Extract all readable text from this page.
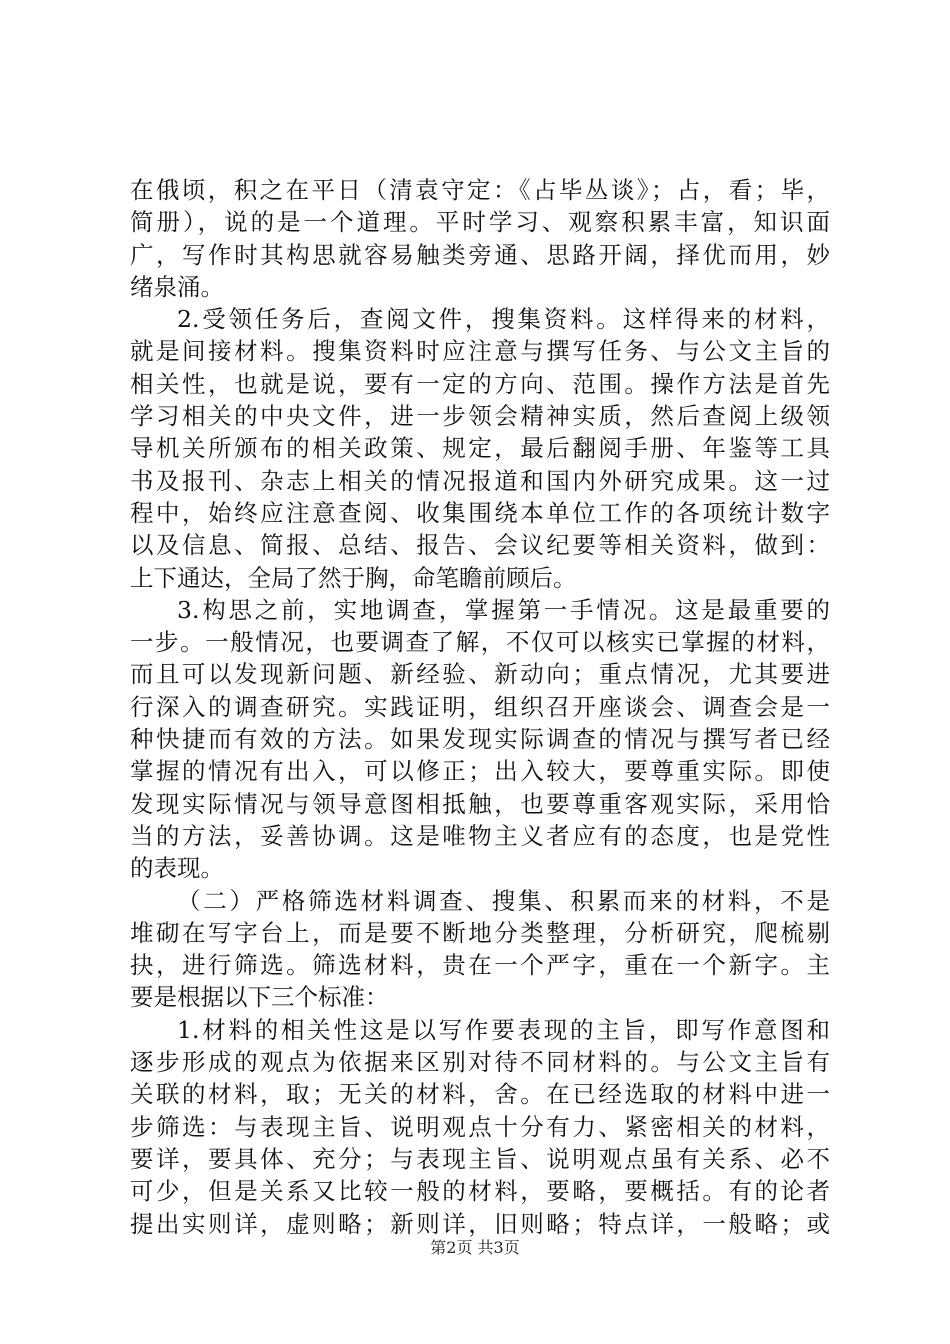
在俄顷，积之在平日（清袁守定：《占毕丛谈》；占，看；毕，
简册），说的是一个道理。平时学习、观察积累丰富，知识面
广，写作时其构思就容易触类旁通、思路开阔，择优而用，妙
绪泉涌。
2.受领任务后，查阅文件，搜集资料。这样得来的材料，
就是间接材料。搜集资料时应注意与撰写任务、与公文主旨的
相关性，也就是说，要有一定的方向、范围。操作方法是首先
学习相关的中央文件，进一步领会精神实质，然后查阅上级领
导机关所颁布的相关政策、规定，最后翻阅手册、年鉴等工具
书及报刊、杂志上相关的情况报道和国内外研究成果。这一过
程中，始终应注意查阅、收集围绕本单位工作的各项统计数字
以及信息、简报、总结、报告、会议纪要等相关资料，做到：
上下通达，全局了然于胸，命笔瞻前顾后。
3.构思之前，实地调查，掌握第一手情况。这是最重要的
一步。一般情况，也要调查了解，不仅可以核实已掌握的材料，
而且可以发现新问题、新经验、新动向；重点情况，尤其要进
行深入的调查研究。实践证明，组织召开座谈会、调查会是一
种快捷而有效的方法。如果发现实际调查的情况与撰写者已经
掌握的情况有出入，可以修正；出入较大，要尊重实际。即使
发现实际情况与领导意图相抵触，也要尊重客观实际，采用恰
当的方法，妥善协调。这是唯物主义者应有的态度，也是党性
的表现。
（二）严格筛选材料调查、搜集、积累而来的材料，不是
堆砌在写字台上，而是要不断地分类整理，分析研究，爬梳剔
抉，进行筛选。筛选材料，贵在一个严字，重在一个新字。主
要是根据以下三个标准：
1.材料的相关性这是以写作要表现的主旨，即写作意图和
逐步形成的观点为依据来区别对待不同材料的。与公文主旨有
关联的材料，取；无关的材料，舍。在已经选取的材料中进一
步筛选：与表现主旨、说明观点十分有力、紧密相关的材料，
要详，要具体、充分；与表现主旨、说明观点虽有关系、必不
可少，但是关系又比较一般的材料，要略，要概括。有的论者
提出实则详，虚则略；新则详，旧则略；特点详，一般略；或
第2页 共3页
